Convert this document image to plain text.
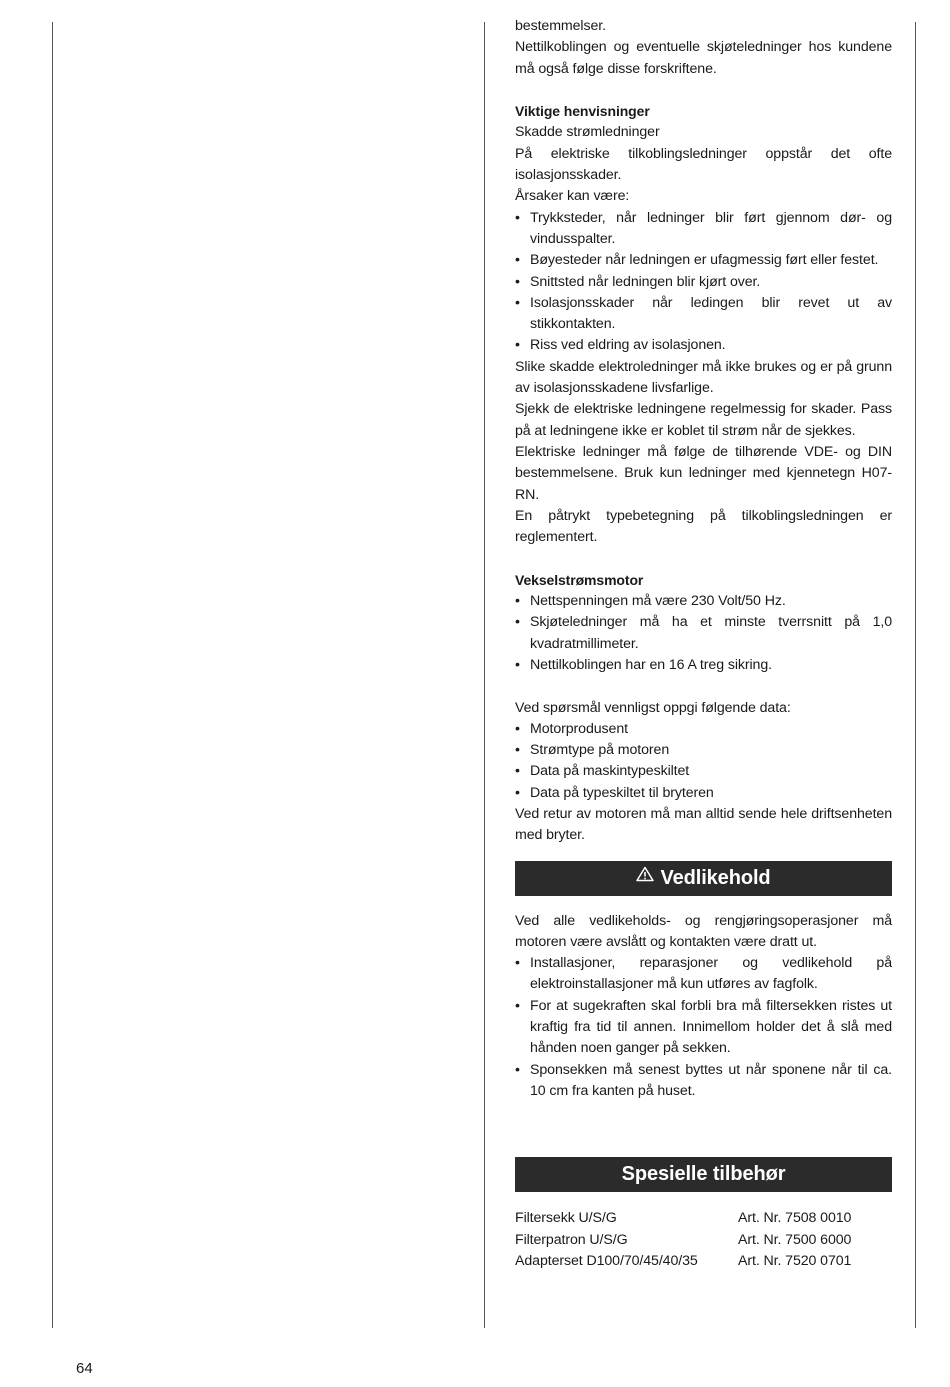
bestemmelser.

Nettilkoblingen og eventuelle skjøteledninger hos kundene må også følge disse forskriftene.

Viktige henvisninger

Skadde strømledninger

På elektriske tilkoblingsledninger oppstår det ofte isolasjonsskader.

Årsaker kan være:

• Trykksteder, når ledninger blir ført gjennom dør- og vindusspalter.
• Bøyesteder når ledningen er ufagmessig ført eller festet.
• Snittsted når ledningen blir kjørt over.
• Isolasjonsskader når ledingen blir revet ut av stikkontakten.
• Riss ved eldring av isolasjonen.

Slike skadde elektroledninger må ikke brukes og er på grunn av isolasjonsskadene livsfarlige.

Sjekk de elektriske ledningene regelmessig for skader. Pass på at ledningene ikke er koblet til strøm når de sjekkes.

Elektriske ledninger må følge de tilhørende VDE- og DIN bestemmelsene. Bruk kun ledninger med kjennetegn H07-RN.

En påtrykt typebetegning på tilkoblingsledningen er reglementert.

Vekselstrømsmotor
• Nettspenningen må være 230 Volt/50 Hz.
• Skjøteledninger må ha et minste tverrsnitt på 1,0 kvadratmillimeter.
• Nettilkoblingen har en 16 A treg sikring.

Ved spørsmål vennligst oppgi følgende data:

• Motorprodusent
• Strømtype på motoren
• Data på maskintypeskiltet
• Data på typeskiltet til bryteren

Ved retur av motoren må man alltid sende hele driftsenheten med bryter.

Vedlikehold

Ved alle vedlikeholds- og rengjøringsoperasjoner må motoren være avslått og kontakten være dratt ut.

• Installasjoner, reparasjoner og vedlikehold på elektroinstallasjoner må kun utføres av fagfolk.
• For at sugekraften skal forbli bra må filtersekken ristes ut kraftig fra tid til annen. Innimellom holder det å slå med hånden noen ganger på sekken.
• Sponsekken må senest byttes ut når sponene når til ca. 10 cm fra kanten på huset.
Spesielle tilbehør
Filtersekk U/S/G	Art. Nr. 7508 0010
Filterpatron U/S/G	Art. Nr. 7500 6000
Adapterset D100/70/45/40/35	Art. Nr. 7520 0701
64
